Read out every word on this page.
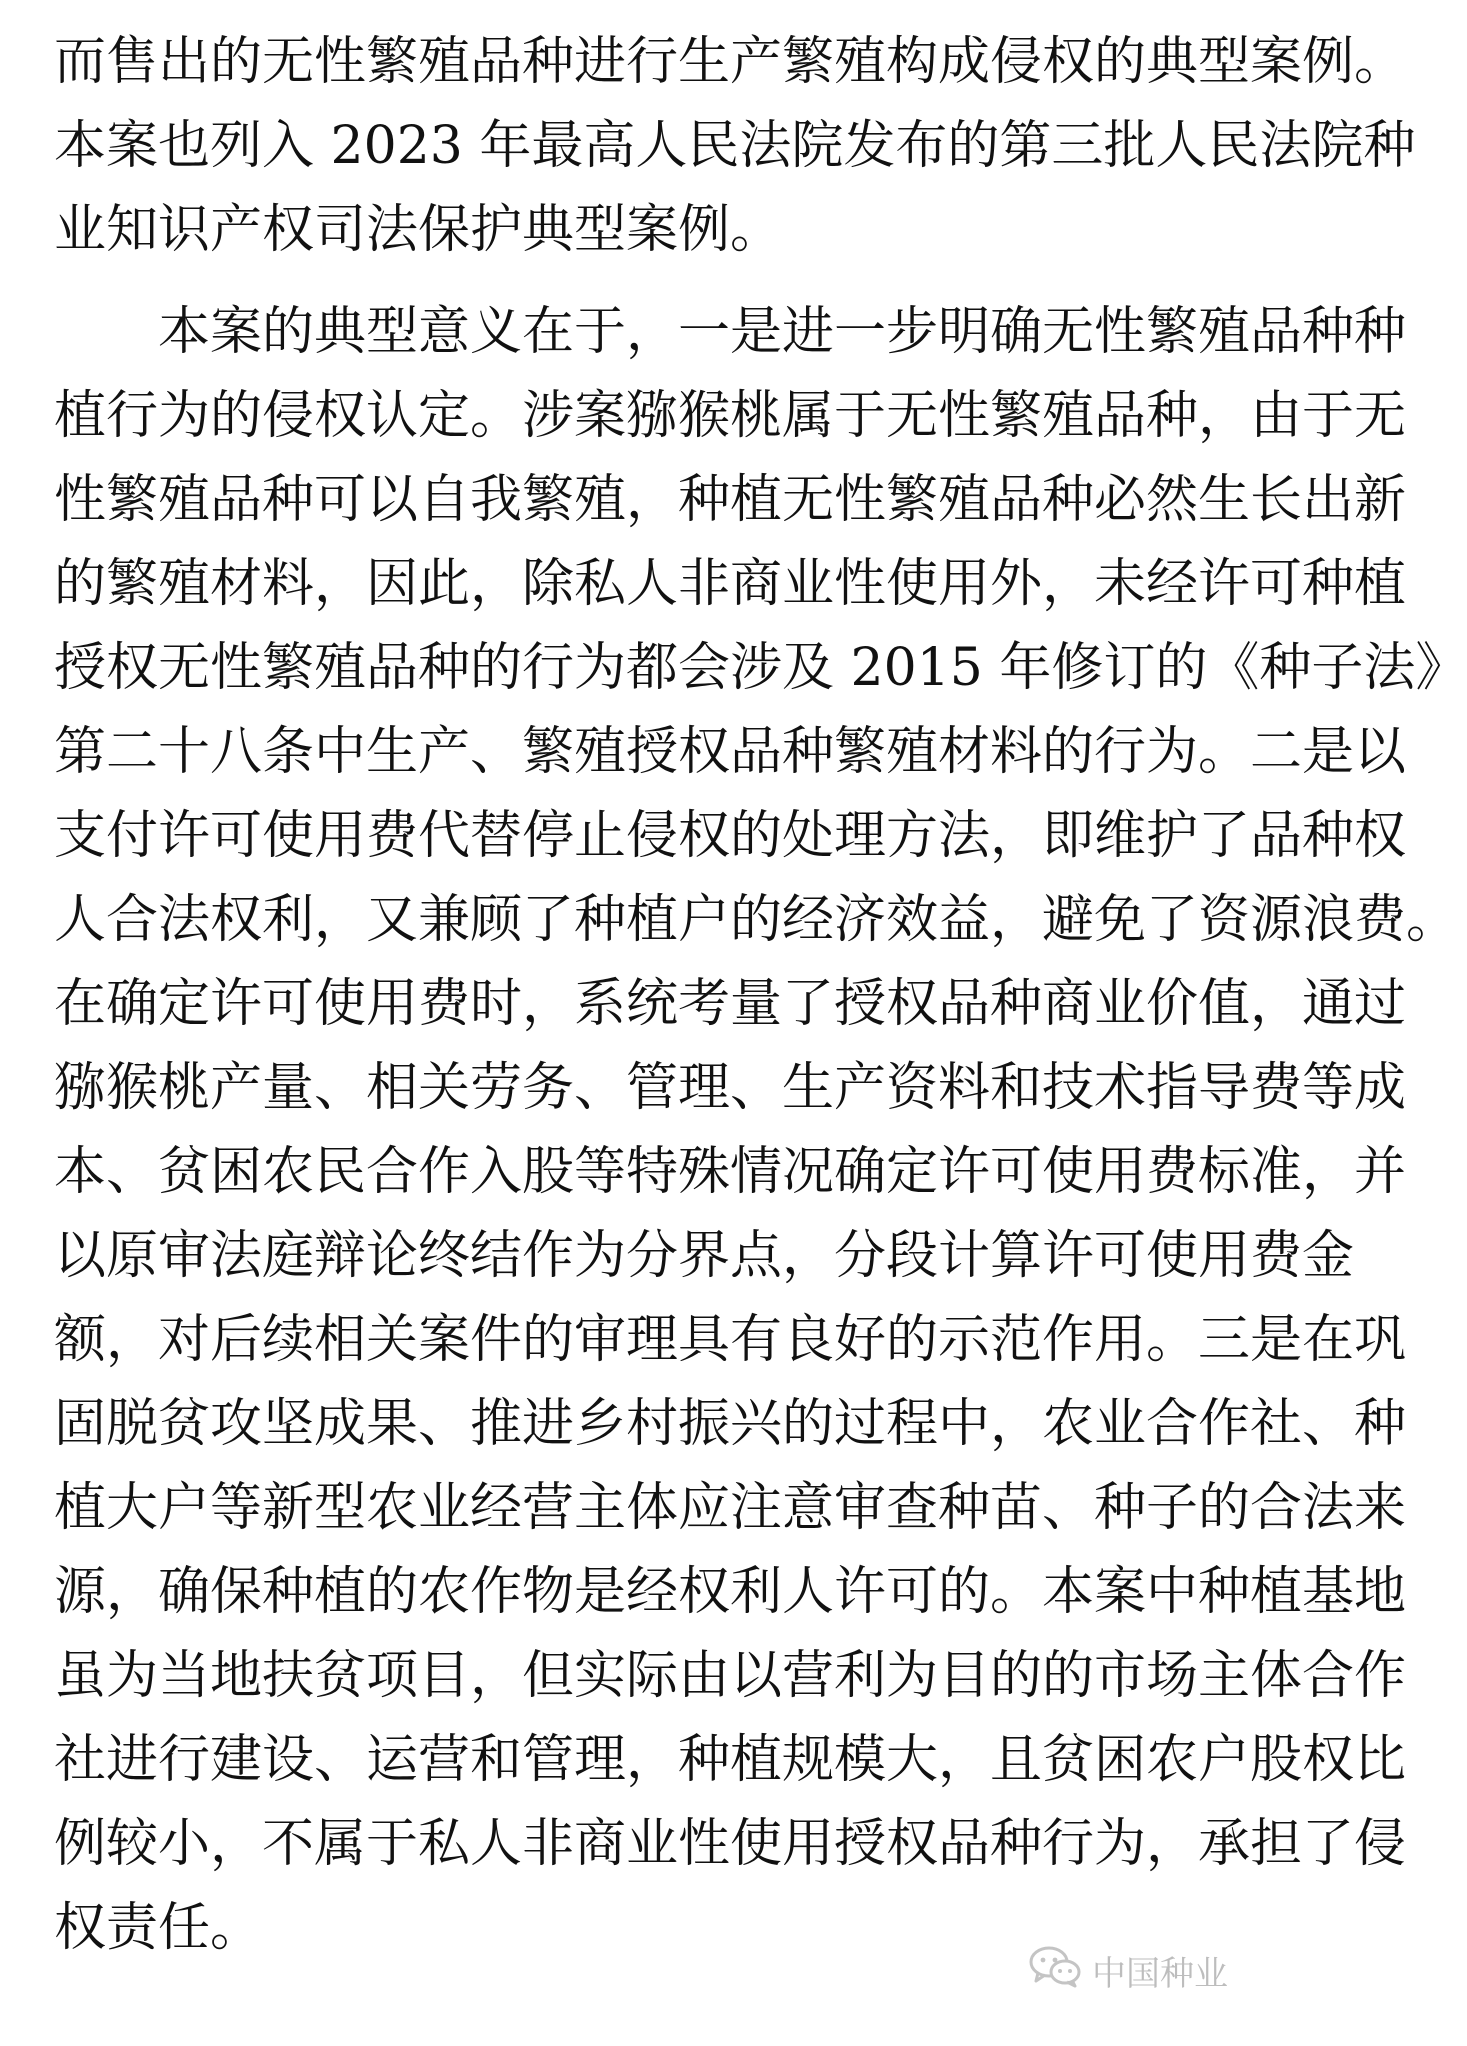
而售出的无性繁殖品种进行生产繁殖构成侵权的典型案例。
本案也列入 2023 年最高人民法院发布的第三批人民法院种
业知识产权司法保护典型案例。
本案的典型意义在于，一是进一步明确无性繁殖品种种
植行为的侵权认定。涉案猕猴桃属于无性繁殖品种，由于无
性繁殖品种可以自我繁殖，种植无性繁殖品种必然生长出新
的繁殖材料，因此，除私人非商业性使用外，未经许可种植
授权无性繁殖品种的行为都会涉及 2015 年修订的《种子法》
第二十八条中生产、繁殖授权品种繁殖材料的行为。二是以
支付许可使用费代替停止侵权的处理方法，即维护了品种权
人合法权利，又兼顾了种植户的经济效益，避免了资源浪费。
在确定许可使用费时，系统考量了授权品种商业价值，通过
猕猴桃产量、相关劳务、管理、生产资料和技术指导费等成
本、贫困农民合作入股等特殊情况确定许可使用费标准，并
以原审法庭辩论终结作为分界点，分段计算许可使用费金
额，对后续相关案件的审理具有良好的示范作用。三是在巩
固脱贫攻坚成果、推进乡村振兴的过程中，农业合作社、种
植大户等新型农业经营主体应注意审查种苗、种子的合法来
源，确保种植的农作物是经权利人许可的。本案中种植基地
虽为当地扶贫项目，但实际由以营利为目的的市场主体合作
社进行建设、运营和管理，种植规模大，且贫困农户股权比
例较小，不属于私人非商业性使用授权品种行为，承担了侵
权责任。
中国种业
